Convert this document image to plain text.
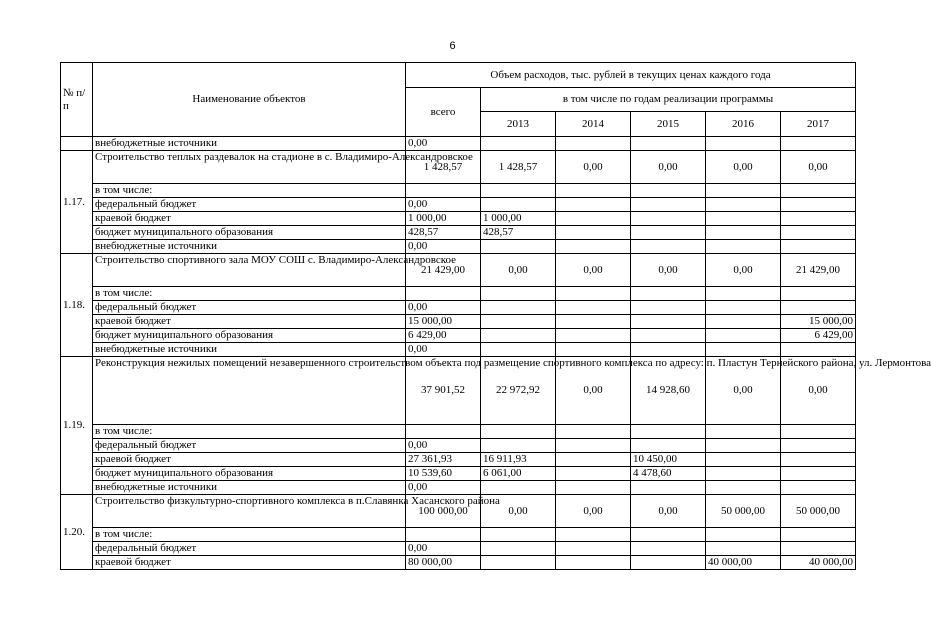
6
№ п/п	Наименование объектов	Объем расходов, тыс. рублей в текущих ценах каждого года					
		всего	в том числе по годам реализации программы				
			2013	2014	2015	2016	2017
	внебюджетные источники	0,00					
1.17.	Строительство теплых раздевалок на стадионе в с. Владимиро-Александровское	1 428,57	1 428,57	0,00	0,00	0,00	0,00
	в том числе:						
	федеральный бюджет	0,00					
	краевой бюджет	1 000,00	1 000,00				
	бюджет муниципального образования	428,57	428,57				
	внебюджетные источники	0,00					
1.18.	Строительство спортивного зала МОУ СОШ с. Владимиро-Александровское	21 429,00	0,00	0,00	0,00	0,00	21 429,00
	в том числе:						
	федеральный бюджет	0,00					
	краевой бюджет	15 000,00					15 000,00
	бюджет муниципального образования	6 429,00					6 429,00
	внебюджетные источники	0,00					
1.19.	Реконструкция нежилых помещений незавершенного строительством объекта под размещение спортивного комплекса по адресу: п. Пластун Тернейского района, ул. Лермонтова	37 901,52	22 972,92	0,00	14 928,60	0,00	0,00
	в том числе:						
	федеральный бюджет	0,00					
	краевой бюджет	27 361,93	16 911,93		10 450,00		
	бюджет муниципального образования	10 539,60	6 061,00		4 478,60		
	внебюджетные источники	0,00					
1.20.	Строительство физкультурно-спортивного комплекса в п.Славянка Хасанского района	100 000,00	0,00	0,00	0,00	50 000,00	50 000,00
	в том числе:						
	федеральный бюджет	0,00					
	краевой бюджет	80 000,00				40 000,00	40 000,00
